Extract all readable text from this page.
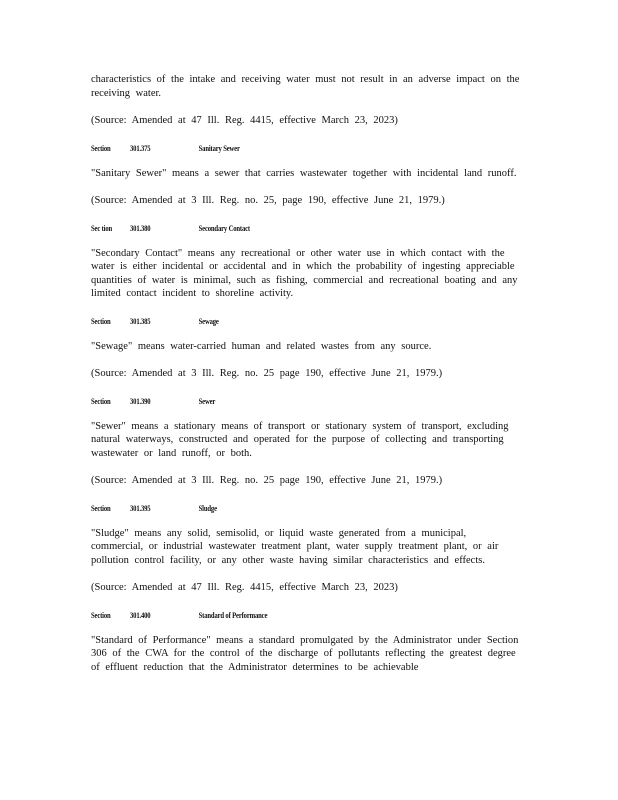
characteristics of the intake and receiving water must not result in an adverse impact on the receiving water.

(Source: Amended at 47 Ill. Reg. 4415, effective March 23, 2023)

Section 301.375	Sanitary Sewer

"Sanitary Sewer" means a sewer that carries wastewater together with incidental land runoff.

(Source: Amended at 3 Ill. Reg. no. 25, page 190, effective June 21, 1979.)

Sec tion 301.380	Secondary Contact

"Secondary Contact" means any recreational or other water use in which contact with the water is either incidental or accidental and in which the probability of ingesting appreciable quantities of water is minimal, such as fishing, commercial and recreational boating and any limited contact incident to shoreline activity.

Section 301.385	Sewage

"Sewage" means water-carried human and related wastes from any source.

(Source: Amended at 3 Ill. Reg. no. 25 page 190, effective June 21, 1979.)

Section 301.390	Sewer

"Sewer" means a stationary means of transport or stationary system of transport, excluding natural waterways, constructed and operated for the purpose of collecting and transporting wastewater or land runoff, or both.

(Source: Amended at 3 Ill. Reg. no. 25 page 190, effective June 21, 1979.)

Section 301.395	Sludge

"Sludge" means any solid, semisolid, or liquid waste generated from a municipal, commercial, or industrial wastewater treatment plant, water supply treatment plant, or air pollution control facility, or any other waste having similar characteristics and effects.

(Source: Amended at 47 Ill. Reg. 4415, effective March 23, 2023)

Section 301.400	Standard of Performance

"Standard of Performance" means a standard promulgated by the Administrator under Section 306 of the CWA for the control of the discharge of pollutants reflecting the greatest degree of effluent reduction that the Administrator determines to be achievable
